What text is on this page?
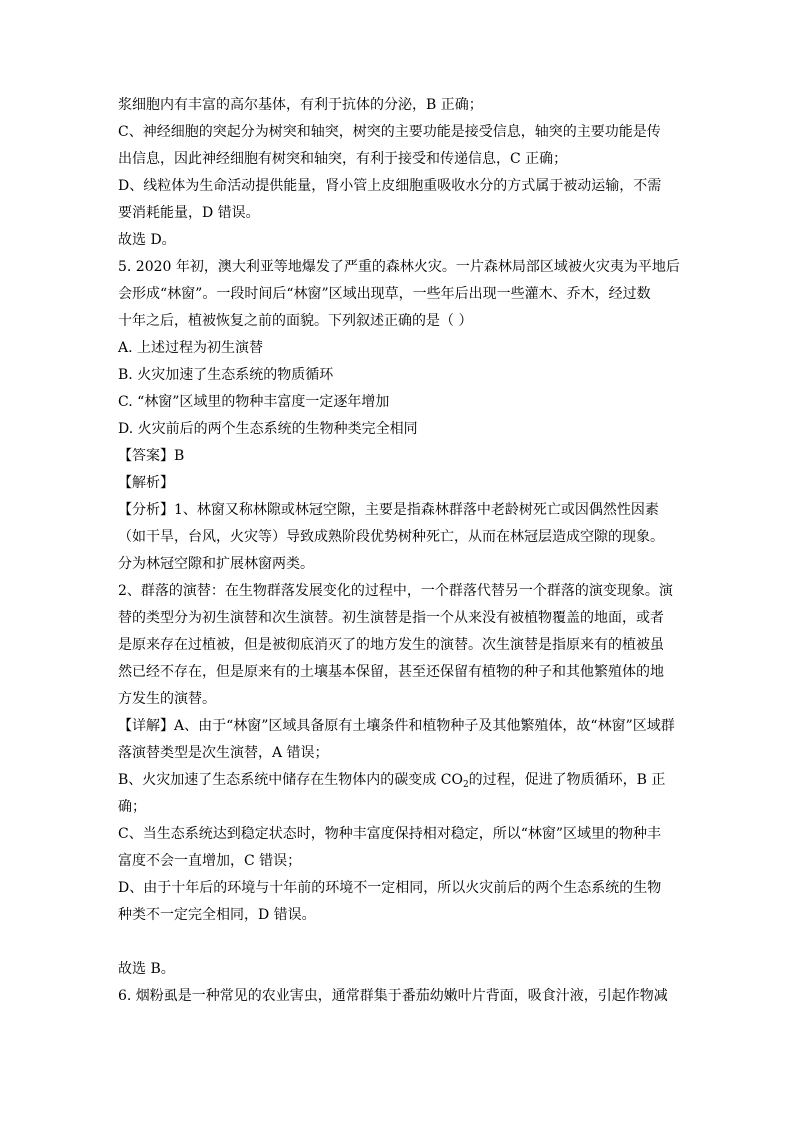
浆细胞内有丰富的高尔基体，有利于抗体的分泌，B 正确；
C、神经细胞的突起分为树突和轴突，树突的主要功能是接受信息，轴突的主要功能是传
出信息，因此神经细胞有树突和轴突，有利于接受和传递信息，C 正确；
D、线粒体为生命活动提供能量，肾小管上皮细胞重吸收水分的方式属于被动运输，不需
要消耗能量，D 错误。
故选 D。
5. 2020 年初，澳大利亚等地爆发了严重的森林火灾。一片森林局部区域被火灾夷为平地后
会形成“林窗”。一段时间后“林窗”区域出现草，一些年后出现一些灌木、乔木，经过数
十年之后，植被恢复之前的面貌。下列叙述正确的是（ ）
A. 上述过程为初生演替
B. 火灾加速了生态系统的物质循环
C. “林窗”区域里的物种丰富度一定逐年增加
D. 火灾前后的两个生态系统的生物种类完全相同
【答案】B
【解析】
【分析】1、林窗又称林隙或林冠空隙，主要是指森林群落中老龄树死亡或因偶然性因素
（如干旱，台风，火灾等）导致成熟阶段优势树种死亡，从而在林冠层造成空隙的现象。
分为林冠空隙和扩展林窗两类。
2、群落的演替：在生物群落发展变化的过程中，一个群落代替另一个群落的演变现象。演
替的类型分为初生演替和次生演替。初生演替是指一个从来没有被植物覆盖的地面，或者
是原来存在过植被，但是被彻底消灭了的地方发生的演替。次生演替是指原来有的植被虽
然已经不存在，但是原来有的土壤基本保留，甚至还保留有植物的种子和其他繁殖体的地
方发生的演替。
【详解】A、由于“林窗”区域具备原有土壤条件和植物种子及其他繁殖体，故“林窗”区域群
落演替类型是次生演替，A 错误；
B、火灾加速了生态系统中储存在生物体内的碳变成 $CO_2$的过程，促进了物质循环，B 正
确；
C、当生态系统达到稳定状态时，物种丰富度保持相对稳定，所以“林窗”区域里的物种丰
富度不会一直增加，C 错误；
D、由于十年后的环境与十年前的环境不一定相同，所以火灾前后的两个生态系统的生物
种类不一定完全相同，D 错误。
故选 B。
6. 烟粉虱是一种常见的农业害虫，通常群集于番茄幼嫩叶片背面，吸食汁液，引起作物减
